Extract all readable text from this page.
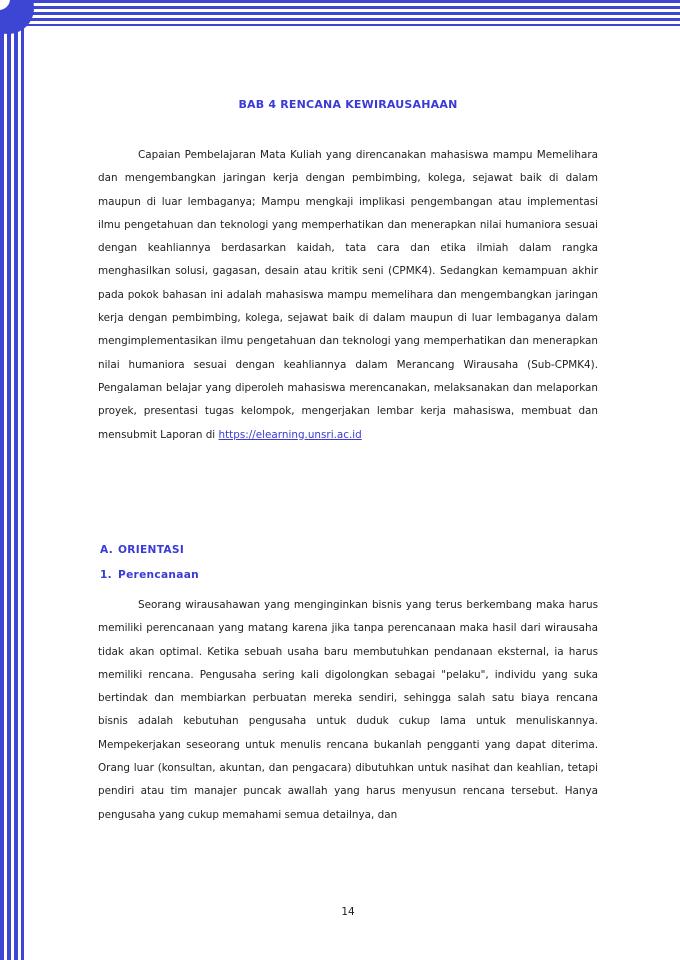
BAB 4 RENCANA KEWIRAUSAHAAN

Capaian Pembelajaran Mata Kuliah yang direncanakan mahasiswa mampu Memelihara dan mengembangkan jaringan kerja dengan pembimbing, kolega, sejawat baik di dalam maupun di luar lembaganya; Mampu mengkaji implikasi pengembangan atau implementasi ilmu pengetahuan dan teknologi yang memperhatikan dan menerapkan nilai humaniora sesuai dengan keahliannya berdasarkan kaidah, tata cara dan etika ilmiah dalam rangka menghasilkan solusi, gagasan, desain atau kritik seni (CPMK4). Sedangkan kemampuan akhir pada pokok bahasan ini adalah mahasiswa mampu memelihara dan mengembangkan jaringan kerja dengan pembimbing, kolega, sejawat baik di dalam maupun di luar lembaganya dalam mengimplementasikan ilmu pengetahuan dan teknologi yang memperhatikan dan menerapkan nilai humaniora sesuai dengan keahliannya dalam Merancang Wirausaha (Sub-CPMK4). Pengalaman belajar yang diperoleh mahasiswa merencanakan, melaksanakan dan melaporkan proyek, presentasi tugas kelompok, mengerjakan lembar kerja mahasiswa, membuat dan mensubmit Laporan di https://elearning.unsri.ac.id

A. ORIENTASI
1. Perencanaan

Seorang wirausahawan yang menginginkan bisnis yang terus berkembang maka harus memiliki perencanaan yang matang karena jika tanpa perencanaan maka hasil dari wirausaha tidak akan optimal. Ketika sebuah usaha baru membutuhkan pendanaan eksternal, ia harus memiliki rencana. Pengusaha sering kali digolongkan sebagai "pelaku", individu yang suka bertindak dan membiarkan perbuatan mereka sendiri, sehingga salah satu biaya rencana bisnis adalah kebutuhan pengusaha untuk duduk cukup lama untuk menuliskannya. Mempekerjakan seseorang untuk menulis rencana bukanlah pengganti yang dapat diterima. Orang luar (konsultan, akuntan, dan pengacara) dibutuhkan untuk nasihat dan keahlian, tetapi pendiri atau tim manajer puncak awallah yang harus menyusun rencana tersebut. Hanya pengusaha yang cukup memahami semua detailnya, dan

14
